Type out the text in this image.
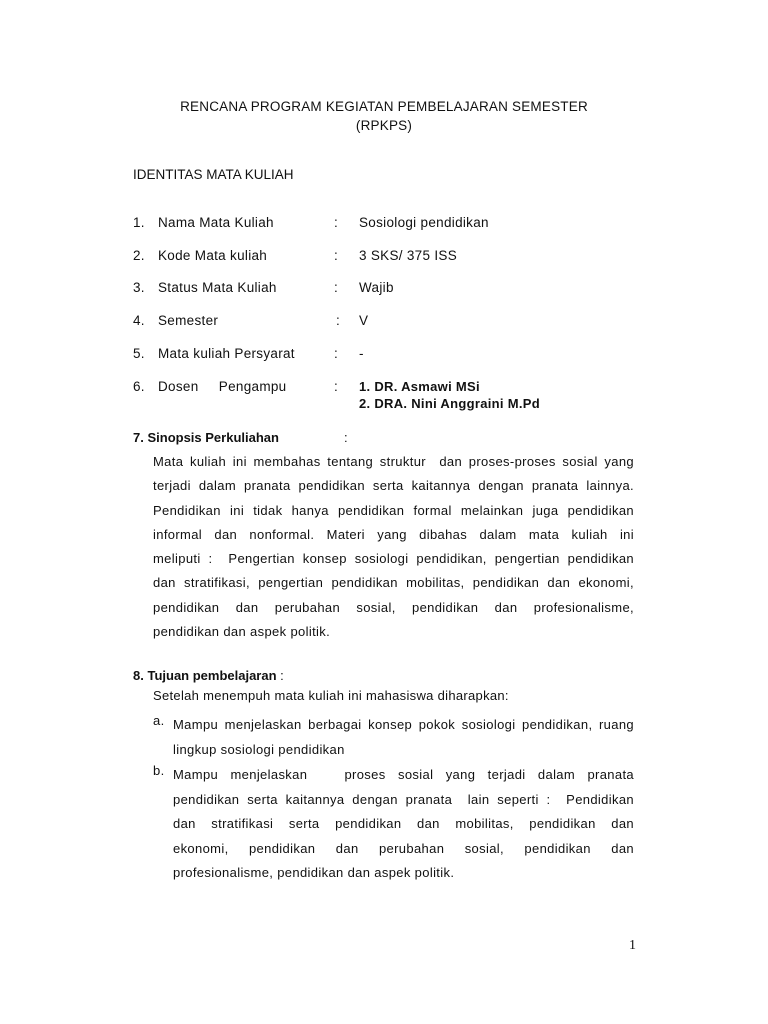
RENCANA PROGRAM KEGIATAN PEMBELAJARAN SEMESTER
(RPKPS)
IDENTITAS MATA KULIAH
1. Nama Mata Kuliah	: Sosiologi pendidikan
2. Kode Mata kuliah	: 3 SKS/ 375 ISS
3. Status Mata Kuliah	: Wajib
4. Semester	: V
5. Mata kuliah Persyarat	: -
6. Dosen     Pengampu	: 1. DR. Asmawi MSi
2. DRA. Nini Anggraini M.Pd
7. Sinopsis Perkuliahan	:
Mata kuliah ini membahas tentang struktur  dan proses-proses sosial yang
terjadi dalam pranata pendidikan serta kaitannya dengan pranata lainnya.
Pendidikan ini tidak hanya pendidikan formal melainkan juga pendidikan
informal dan nonformal. Materi yang dibahas dalam mata kuliah ini
meliputi :  Pengertian konsep sosiologi pendidikan, pengertian pendidikan
dan stratifikasi, pengertian pendidikan mobilitas, pendidikan dan ekonomi,
pendidikan dan perubahan sosial, pendidikan dan profesionalisme,
pendidikan dan aspek politik.
8. Tujuan pembelajaran :
Setelah menempuh mata kuliah ini mahasiswa diharapkan:
a. Mampu menjelaskan berbagai konsep pokok sosiologi pendidikan, ruang
lingkup sosiologi pendidikan
b. Mampu menjelaskan   proses sosial yang terjadi dalam pranata
pendidikan serta kaitannya dengan pranata  lain seperti :  Pendidikan
dan stratifikasi serta pendidikan dan mobilitas, pendidikan dan
ekonomi, pendidikan dan perubahan sosial, pendidikan dan
profesionalisme, pendidikan dan aspek politik.
1
